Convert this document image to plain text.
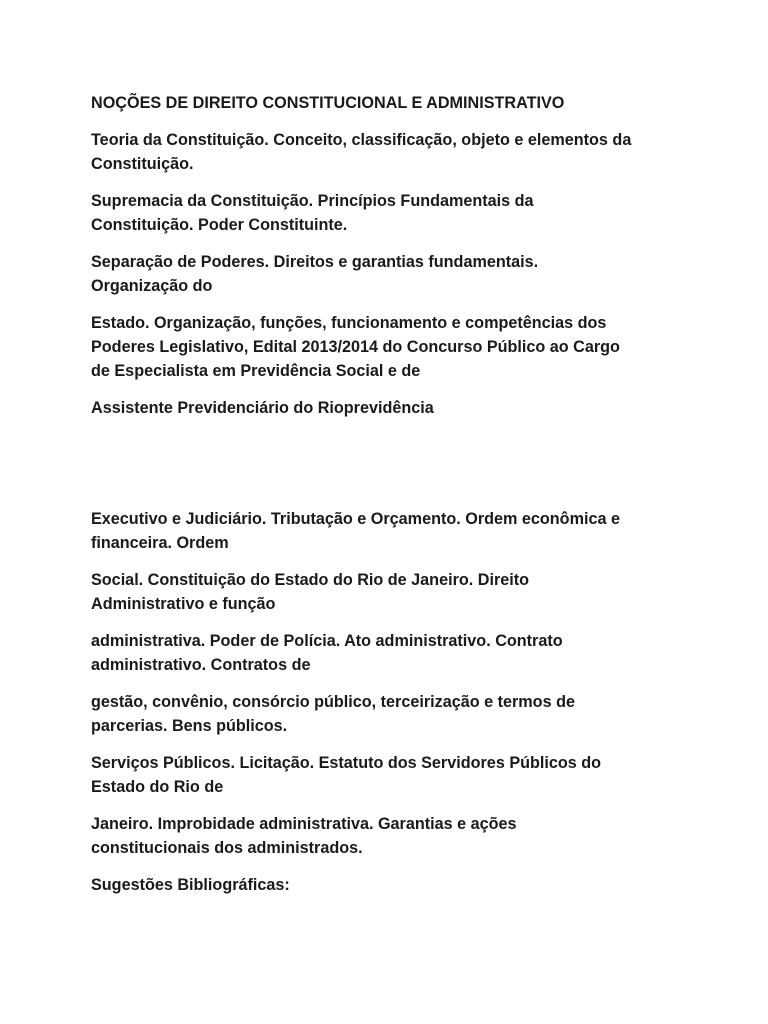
NOÇÕES DE DIREITO CONSTITUCIONAL E ADMINISTRATIVO

Teoria da Constituição. Conceito, classificação, objeto e elementos da
Constituição.

Supremacia da Constituição. Princípios Fundamentais da
Constituição. Poder Constituinte.

Separação de Poderes. Direitos e garantias fundamentais.
Organização do

Estado. Organização, funções, funcionamento e competências dos
Poderes Legislativo, Edital 2013/2014 do Concurso Público ao Cargo
de Especialista em Previdência Social e de

Assistente Previdenciário do Rioprevidência

Executivo e Judiciário. Tributação e Orçamento. Ordem econômica e
financeira. Ordem

Social. Constituição do Estado do Rio de Janeiro. Direito
Administrativo e função

administrativa. Poder de Polícia. Ato administrativo. Contrato
administrativo. Contratos de

gestão, convênio, consórcio público, terceirização e termos de
parcerias. Bens públicos.

Serviços Públicos. Licitação. Estatuto dos Servidores Públicos do
Estado do Rio de

Janeiro. Improbidade administrativa. Garantias e ações
constitucionais dos administrados.

Sugestões Bibliográficas:
